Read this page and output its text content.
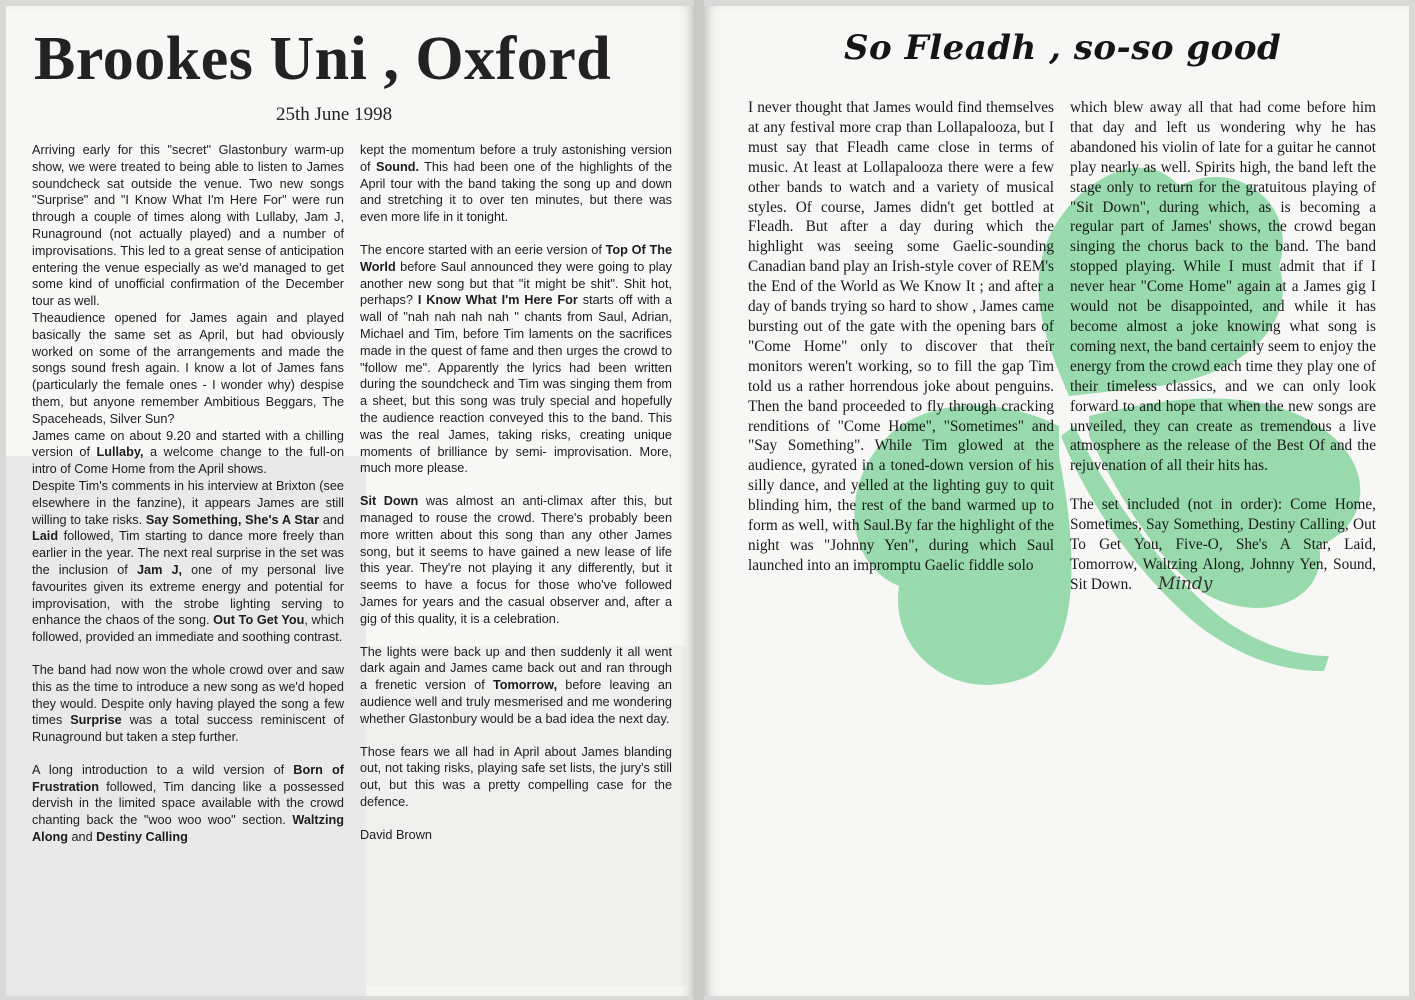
Brookes Uni , Oxford
25th June 1998

Arriving early for this "secret" Glastonbury warm-up show, we were treated to being able to listen to James soundcheck sat outside the venue. Two new songs "Surprise" and "I Know What I'm Here For" were run through a couple of times along with Lullaby, Jam J, Runaground (not actually played) and a number of improvisations. This led to a great sense of anticipation entering the venue especially as we'd managed to get some kind of unofficial confirmation of the December tour as well.

Theaudience opened for James again and played basically the same set as April, but had obviously worked on some of the arrangements and made the songs sound fresh again. I know a lot of James fans (particularly the female ones - I wonder why) despise them, but anyone remember Ambitious Beggars, The Spaceheads, Silver Sun?

James came on about 9.20 and started with a chilling version of Lullaby, a welcome change to the full-on intro of Come Home from the April shows.

Despite Tim's comments in his interview at Brixton (see elsewhere in the fanzine), it appears James are still willing to take risks. Say Something, She's A Star and Laid followed, Tim starting to dance more freely than earlier in the year. The next real surprise in the set was the inclusion of Jam J, one of my personal live favourites given its extreme energy and potential for improvisation, with the strobe lighting serving to enhance the chaos of the song. Out To Get You, which followed, provided an immediate and soothing contrast.

The band had now won the whole crowd over and saw this as the time to introduce a new song as we'd hoped they would. Despite only having played the song a few times Surprise was a total success reminiscent of Runaground but taken a step further.

A long introduction to a wild version of Born of Frustration followed, Tim dancing like a possessed dervish in the limited space available with the crowd chanting back the "woo woo woo" section. Waltzing Along and Destiny Calling

kept the momentum before a truly astonishing version of Sound. This had been one of the highlights of the April tour with the band taking the song up and down and stretching it to over ten minutes, but there was even more life in it tonight.

The encore started with an eerie version of Top Of The World before Saul announced they were going to play another new song but that "it might be shit". Shit hot, perhaps? I Know What I'm Here For starts off with a wall of "nah nah nah nah " chants from Saul, Adrian, Michael and Tim, before Tim laments on the sacrifices made in the quest of fame and then urges the crowd to "follow me". Apparently the lyrics had been written during the soundcheck and Tim was singing them from a sheet, but this song was truly special and hopefully the audience reaction conveyed this to the band. This was the real James, taking risks, creating unique moments of brilliance by semi- improvisation. More, much more please.

Sit Down was almost an anti-climax after this, but managed to rouse the crowd. There's probably been more written about this song than any other James song, but it seems to have gained a new lease of life this year. They're not playing it any differently, but it seems to have a focus for those who've followed James for years and the casual observer and, after a gig of this quality, it is a celebration.

The lights were back up and then suddenly it all went dark again and James came back out and ran through a frenetic version of Tomorrow, before leaving an audience well and truly mesmerised and me wondering whether Glastonbury would be a bad idea the next day.

Those fears we all had in April about James blanding out, not taking risks, playing safe set lists, the jury's still out, but this was a pretty compelling case for the defence.

David Brown

So Fleadh , so-so good

I never thought that James would find themselves at any festival more crap than Lollapalooza, but I must say that Fleadh came close in terms of music. At least at Lollapalooza there were a few other bands to watch and a variety of musical styles. Of course, James didn't get bottled at Fleadh. But after a day during which the highlight was seeing some Gaelic-sounding Canadian band play an Irish-style cover of REM's the End of the World as We Know It ; and after a day of bands trying so hard to show , James came bursting out of the gate with the opening bars of "Come Home" only to discover that their monitors weren't working, so to fill the gap Tim told us a rather horrendous joke about penguins. Then the band proceeded to fly through cracking renditions of "Come Home", "Sometimes" and "Say Something". While Tim glowed at the audience, gyrated in a toned-down version of his silly dance, and yelled at the lighting guy to quit blinding him, the rest of the band warmed up to form as well, with Saul.By far the highlight of the night was "Johnny Yen", during which Saul launched into an impromptu Gaelic fiddle solo

which blew away all that had come before him that day and left us wondering why he has abandoned his violin of late for a guitar he cannot play nearly as well. Spirits high, the band left the stage only to return for the gratuitous playing of "Sit Down", during which, as is becoming a regular part of James' shows, the crowd began singing the chorus back to the band. The band stopped playing. While I must admit that if I never hear "Come Home" again at a James gig I would not be disappointed, and while it has become almost a joke knowing what song is coming next, the band certainly seem to enjoy the energy from the crowd each time they play one of their timeless classics, and we can only look forward to and hope that when the new songs are unveiled, they can create as tremendous a live atmosphere as the release of the Best Of and the rejuvenation of all their hits has.

The set included (not in order): Come Home, Sometimes, Say Something, Destiny Calling, Out To Get You, Five-O, She's A Star, Laid, Tomorrow, Waltzing Along, Johnny Yen, Sound, Sit Down. Mindy
